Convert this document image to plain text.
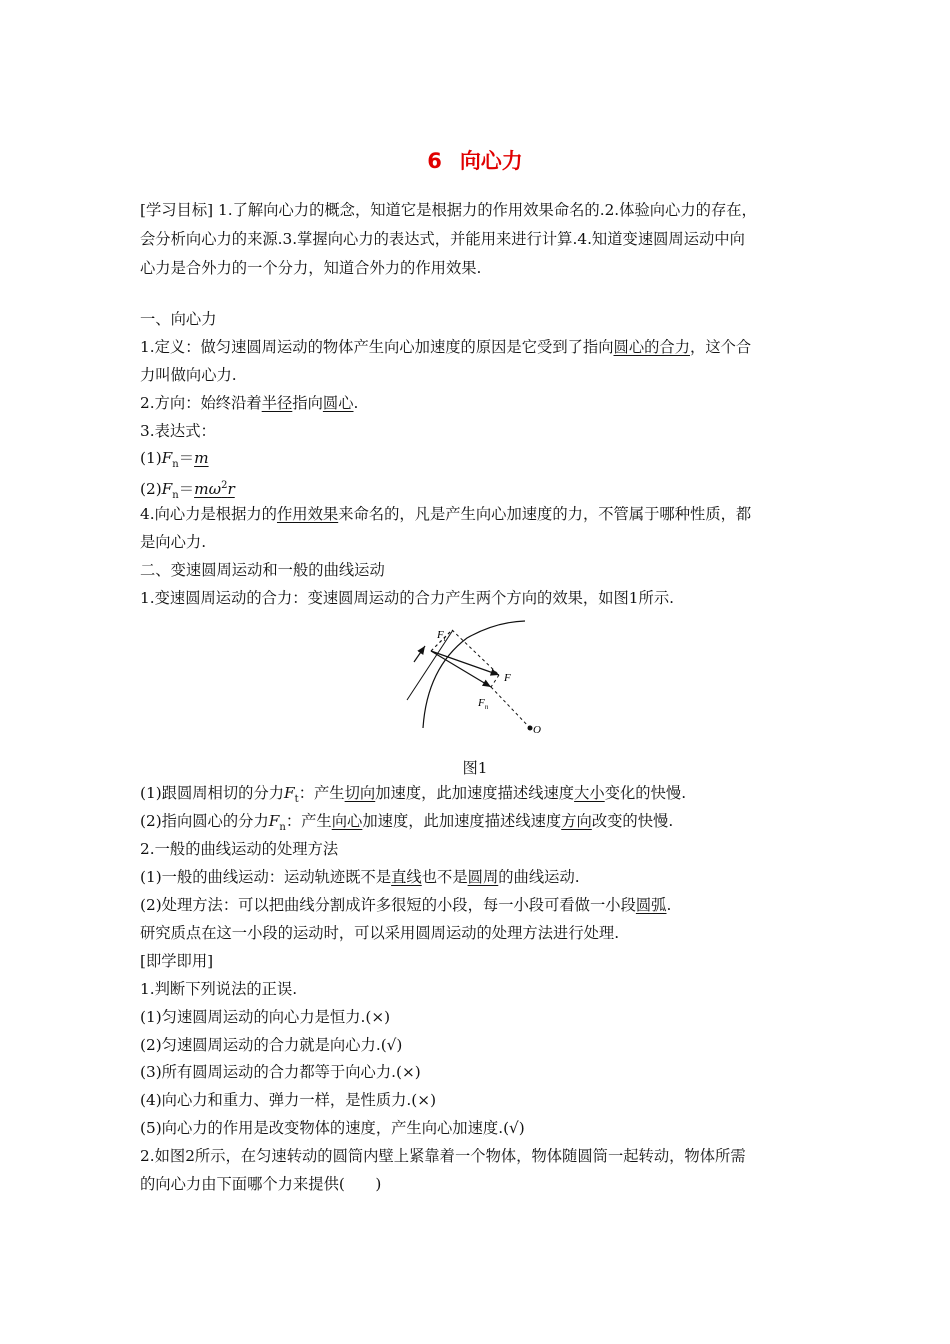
6 向心力
[学习目标] 1.了解向心力的概念，知道它是根据力的作用效果命名的.2.体验向心力的存在，
会分析向心力的来源.3.掌握向心力的表达式，并能用来进行计算.4.知道变速圆周运动中向
心力是合外力的一个分力，知道合外力的作用效果.
一、向心力
1.定义：做匀速圆周运动的物体产生向心加速度的原因是它受到了指向圆心的合力，这个合
力叫做向心力.
2.方向：始终沿着半径指向圆心.
3.表达式：
$(1)F_n=m$
$(2)F_n=m\omega^2r$
4.向心力是根据力的作用效果来命名的，凡是产生向心加速度的力，不管属于哪种性质，都
是向心力.
二、变速圆周运动和一般的曲线运动
1.变速圆周运动的合力：变速圆周运动的合力产生两个方向的效果，如图1所示.
$F_t$
F
$F_n$
O
图1
(1)跟圆周相切的分力$F_t$：产生切向加速度，此加速度描述线速度大小变化的快慢.
(2)指向圆心的分力$F_n$：产生向心加速度，此加速度描述线速度方向改变的快慢.
2.一般的曲线运动的处理方法
(1)一般的曲线运动：运动轨迹既不是直线也不是圆周的曲线运动.
(2)处理方法：可以把曲线分割成许多很短的小段，每一小段可看做一小段圆弧.
研究质点在这一小段的运动时，可以采用圆周运动的处理方法进行处理.
[即学即用]
1.判断下列说法的正误.
(1)匀速圆周运动的向心力是恒力.(×)
(2)匀速圆周运动的合力就是向心力.(√)
(3)所有圆周运动的合力都等于向心力.(×)
(4)向心力和重力、弹力一样，是性质力.(×)
(5)向心力的作用是改变物体的速度，产生向心加速度.(√)
2.如图2所示，在匀速转动的圆筒内壁上紧靠着一个物体，物体随圆筒一起转动，物体所需
的向心力由下面哪个力来提供(　　)
